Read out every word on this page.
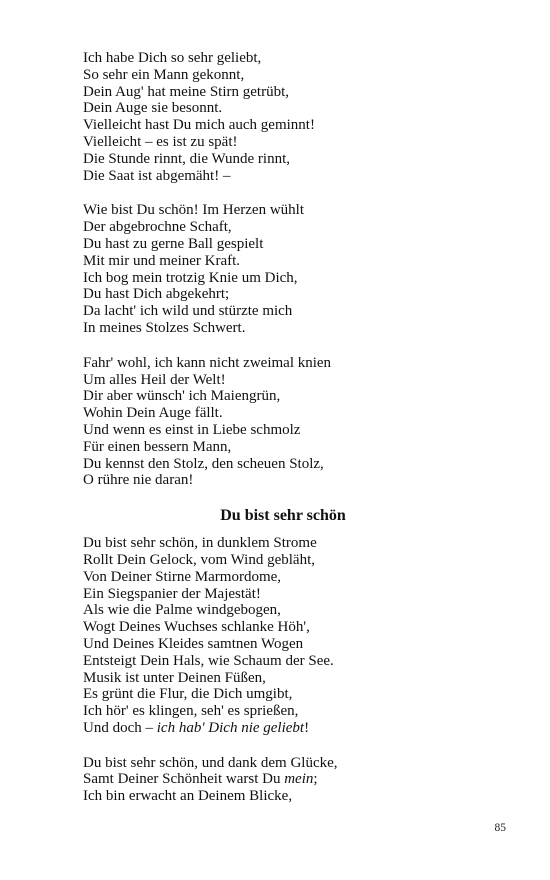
Ich habe Dich so sehr geliebt,
So sehr ein Mann gekonnt,
Dein Aug' hat meine Stirn getrübt,
Dein Auge sie besonnt.
Vielleicht hast Du mich auch geminnt!
Vielleicht – es ist zu spät!
Die Stunde rinnt, die Wunde rinnt,
Die Saat ist abgemäht! –
Wie bist Du schön! Im Herzen wühlt
Der abgebrochne Schaft,
Du hast zu gerne Ball gespielt
Mit mir und meiner Kraft.
Ich bog mein trotzig Knie um Dich,
Du hast Dich abgekehrt;
Da lacht' ich wild und stürzte mich
In meines Stolzes Schwert.
Fahr' wohl, ich kann nicht zweimal knien
Um alles Heil der Welt!
Dir aber wünsch' ich Maiengrün,
Wohin Dein Auge fällt.
Und wenn es einst in Liebe schmolz
Für einen bessern Mann,
Du kennst den Stolz, den scheuen Stolz,
O rühre nie daran!
Du bist sehr schön
Du bist sehr schön, in dunklem Strome
Rollt Dein Gelock, vom Wind gebläht,
Von Deiner Stirne Marmordome,
Ein Siegspanier der Majestät!
Als wie die Palme windgebogen,
Wogt Deines Wuchses schlanke Höh',
Und Deines Kleides samtnen Wogen
Entsteigt Dein Hals, wie Schaum der See.
Musik ist unter Deinen Füßen,
Es grünt die Flur, die Dich umgibt,
Ich hör' es klingen, seh' es sprießen,
Und doch – ich hab' Dich nie geliebt!
Du bist sehr schön, und dank dem Glücke,
Samt Deiner Schönheit warst Du mein;
Ich bin erwacht an Deinem Blicke,
85
